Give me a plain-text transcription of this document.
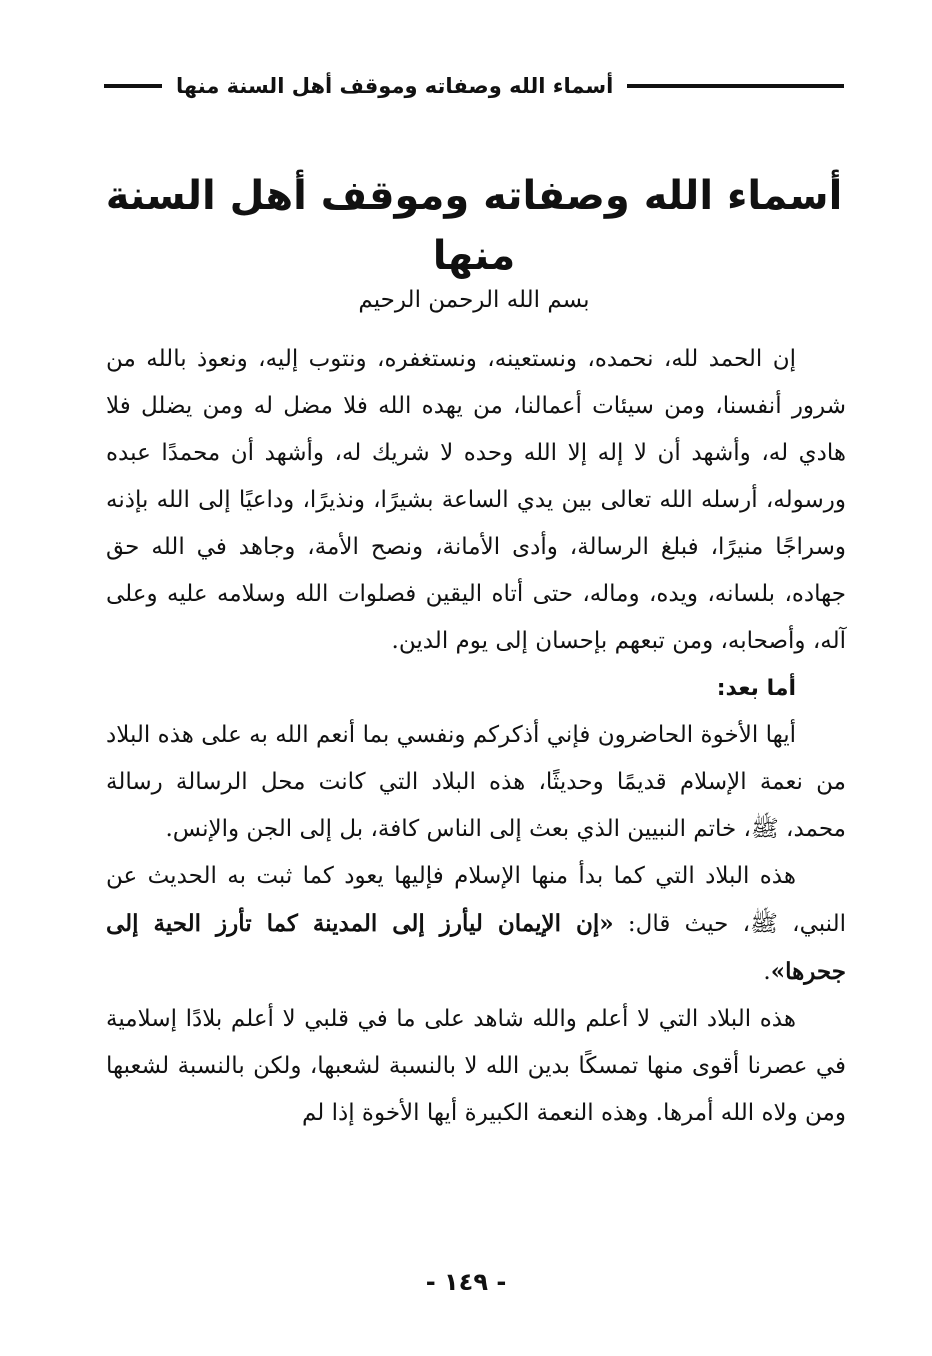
أسماء الله وصفاته وموقف أهل السنة منها
أسماء الله وصفاته وموقف أهل السنة منها
بسم الله الرحمن الرحيم

إن الحمد لله، نحمده، ونستعينه، ونستغفره، ونتوب إليه، ونعوذ بالله من شرور أنفسنا، ومن سيئات أعمالنا، من يهده الله فلا مضل له ومن يضلل فلا هادي له، وأشهد أن لا إله إلا الله وحده لا شريك له، وأشهد أن محمدًا عبده ورسوله، أرسله الله تعالى بين يدي الساعة بشيرًا، ونذيرًا، وداعيًا إلى الله بإذنه وسراجًا منيرًا، فبلغ الرسالة، وأدى الأمانة، ونصح الأمة، وجاهد في الله حق جهاده، بلسانه، ويده، وماله، حتى أتاه اليقين فصلوات الله وسلامه عليه وعلى آله، وأصحابه، ومن تبعهم بإحسان إلى يوم الدين.

أما بعد:

أيها الأخوة الحاضرون فإني أذكركم ونفسي بما أنعم الله به على هذه البلاد من نعمة الإسلام قديمًا وحديثًا، هذه البلاد التي كانت محل الرسالة رسالة محمد، ﷺ، خاتم النبيين الذي بعث إلى الناس كافة، بل إلى الجن والإنس.

هذه البلاد التي كما بدأ منها الإسلام فإليها يعود كما ثبت به الحديث عن النبي، ﷺ، حيث قال: «إن الإيمان ليأرز إلى المدينة كما تأرز الحية إلى جحرها».

هذه البلاد التي لا أعلم والله شاهد على ما في قلبي لا أعلم بلادًا إسلامية في عصرنا أقوى منها تمسكًا بدين الله لا بالنسبة لشعبها، ولكن بالنسبة لشعبها ومن ولاه الله أمرها. وهذه النعمة الكبيرة أيها الأخوة إذا لم

- ١٤٩ -
